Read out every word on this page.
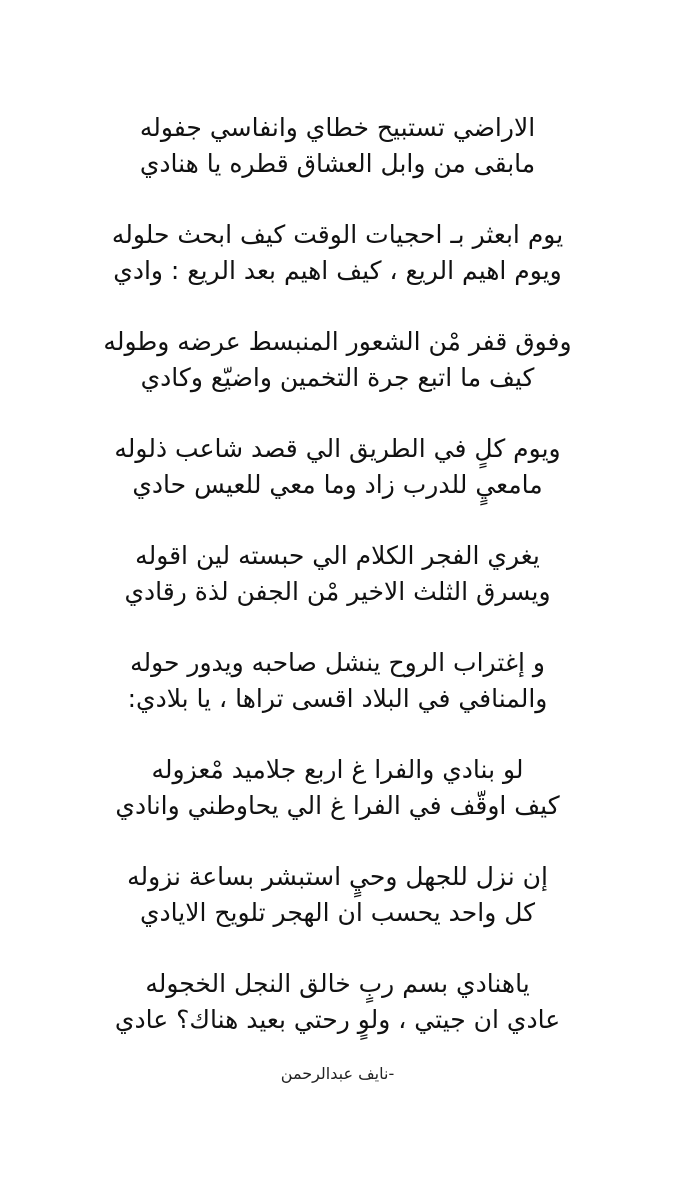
الاراضي تستبيح خطاي وانفاسي جفوله
مابقى من وابل العشاق قطره يا هنادي
يوم ابعثر بـ احجيات الوقت كيف ابحث حلوله
ويوم اهيم الريع ، كيف اهيم بعد الريع : وادي
وفوق قفر مْن الشعور المنبسط عرضه وطوله
كيف ما اتبع جرة التخمين واضيّع وكادي
ويوم كلٍ في الطريق الي قصد شاعب ذلوله
مامعيٍ للدرب زاد وما معي للعيس حادي
يغري الفجر الكلام الي حبسته لين اقوله
ويسرق الثلث الاخير مْن الجفن لذة رقادي
و إغتراب الروح ينشل صاحبه ويدور حوله
والمنافي في البلاد اقسى تراها ، يا بلادي:
لو بنادي والفرا غ اربع جلاميد مْعزوله
كيف اوقّف في الفرا غ الي يحاوطني وانادي
إن نزل للجهل وحيٍ استبشر بساعة نزوله
كل واحد يحسب ان الهجر تلويح الايادي
ياهنادي بسم ربٍ خالق النجل الخجوله
عادي ان جيتي ، ولوٍ رحتي بعيد هناك؟ عادي
-نايف عبدالرحمن
